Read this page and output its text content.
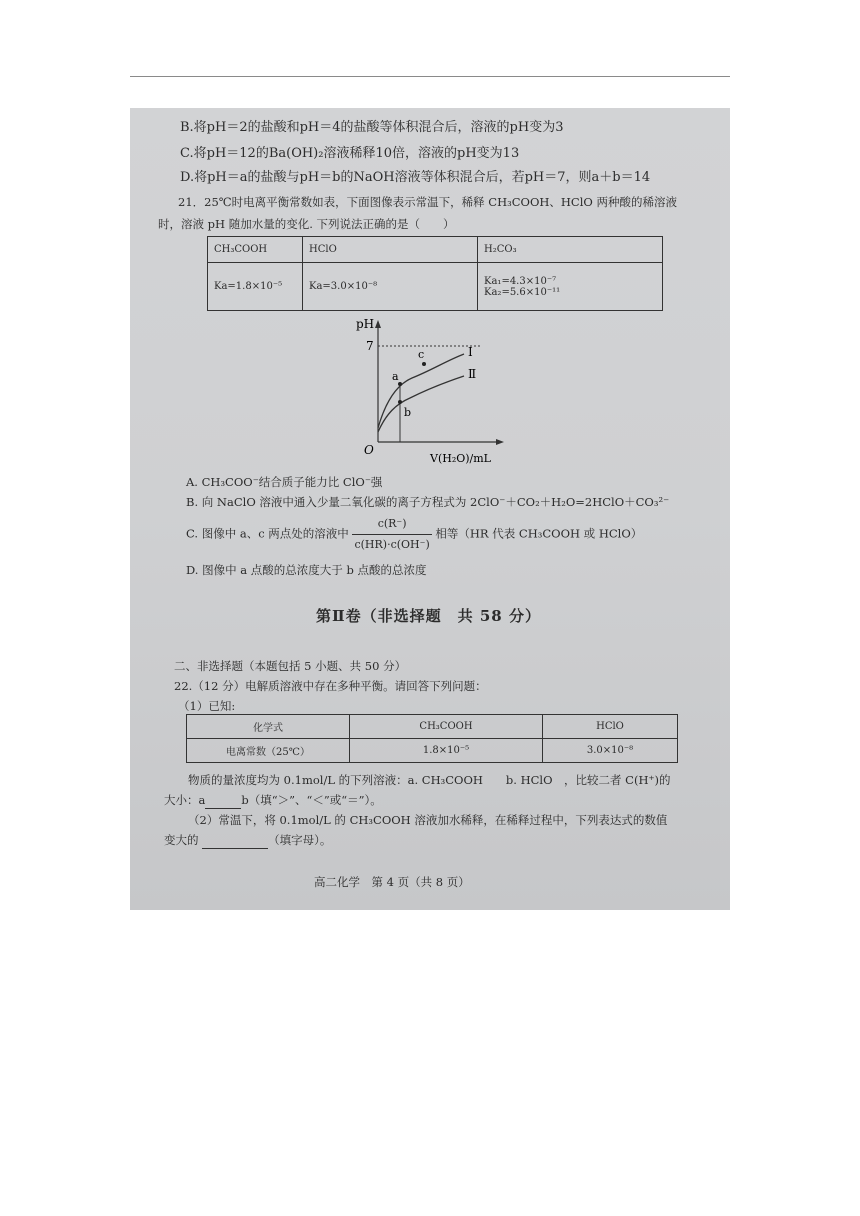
B.将pH＝2的盐酸和pH＝4的盐酸等体积混合后，溶液的pH变为3
C.将pH＝12的Ba(OH)₂溶液稀释10倍，溶液的pH变为13
D.将pH＝a的盐酸与pH＝b的NaOH溶液等体积混合后，若pH＝7，则a＋b＝14
21．25℃时电离平衡常数如表，下面图像表示常温下，稀释 CH₃COOH、HClO 两种酸的稀溶液
时，溶液 pH 随加水量的变化. 下列说法正确的是（　　）
CH₃COOH	HClO	H₂CO₃
Ka=1.8×10⁻⁵	Ka=3.0×10⁻⁸	Ka₁=4.3×10⁻⁷
Ka₂=5.6×10⁻¹¹
pH
7
O
V(H₂O)/mL
Ⅰ
Ⅱ
a
b
c
A. CH₃COO⁻结合质子能力比 ClO⁻强
B. 向 NaClO 溶液中通入少量二氧化碳的离子方程式为 2ClO⁻＋CO₂＋H₂O=2HClO＋CO₃²⁻
C. 图像中 a、c 两点处的溶液中 $\frac{c(R^-)}{c(HR)\cdot c(OH^-)}$ 相等（HR 代表 CH₃COOH 或 HClO）
D. 图像中 a 点酸的总浓度大于 b 点酸的总浓度
第Ⅱ卷（非选择题　共 58 分）
二、非选择题（本题包括 5 小题、共 50 分）
22.（12 分）电解质溶液中存在多种平衡。请回答下列问题：
（1）已知:
化学式	CH₃COOH	HClO
电离常数（25℃）	1.8×10⁻⁵	3.0×10⁻⁸
物质的量浓度均为 0.1mol/L 的下列溶液：a. CH₃COOH　　b. HClO　，比较二者 C(H⁺)的
大小：a	b（填“＞”、“＜”或“＝”）。
（2）常温下，将 0.1mol/L 的 CH₃COOH 溶液加水稀释，在稀释过程中，下列表达式的数值
变大的	（填字母）。
高二化学　第 4 页（共 8 页）
